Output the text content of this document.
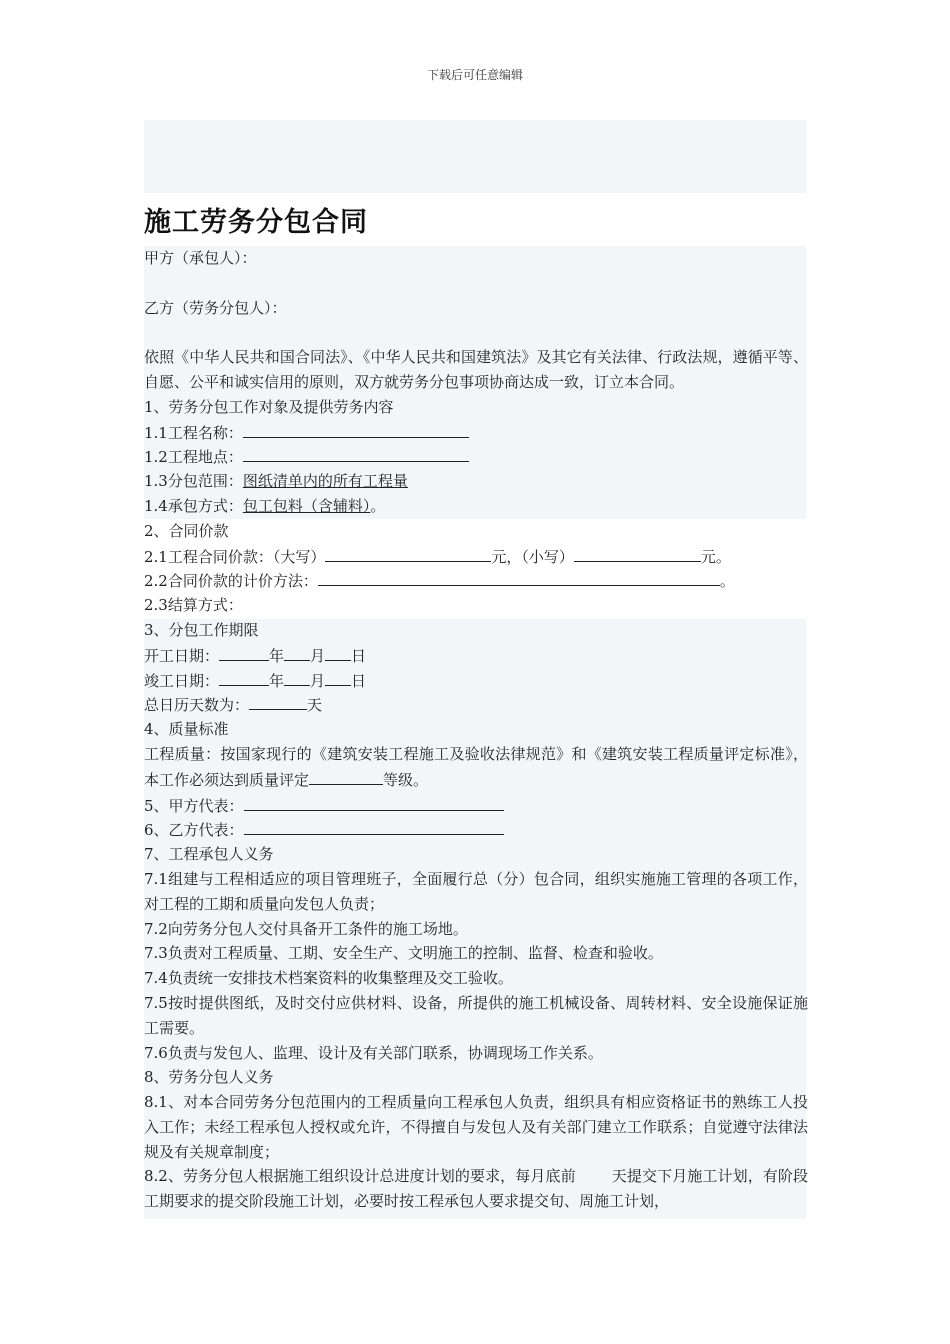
下载后可任意编辑
施工劳务分包合同
甲方（承包人）：
乙方（劳务分包人）：
依照《中华人民共和国合同法》、《中华人民共和国建筑法》及其它有关法律、行政法规，遵循平等、自愿、公平和诚实信用的原则，双方就劳务分包事项协商达成一致，订立本合同。
1、劳务分包工作对象及提供劳务内容
1.1工程名称：
1.2工程地点：
1.3分包范围：图纸清单内的所有工程量
1.4承包方式：包工包料（含辅料）。
2、合同价款
2.1工程合同价款：（大写）	元，（小写）	元。
2.2合同价款的计价方法：	。
2.3结算方式：
3、分包工作期限
开工日期：	年 月 日
竣工日期：	年 月 日
总日历天数为：	天
4、质量标准
工程质量：按国家现行的《建筑安装工程施工及验收法律规范》和《建筑安装工程质量评定标准》，本工作必须达到质量评定	等级。
5、甲方代表：
6、乙方代表：
7、工程承包人义务
7.1组建与工程相适应的项目管理班子，全面履行总（分）包合同，组织实施施工管理的各项工作，对工程的工期和质量向发包人负责；
7.2向劳务分包人交付具备开工条件的施工场地。
7.3负责对工程质量、工期、安全生产、文明施工的控制、监督、检查和验收。
7.4负责统一安排技术档案资料的收集整理及交工验收。
7.5按时提供图纸，及时交付应供材料、设备，所提供的施工机械设备、周转材料、安全设施保证施工需要。
7.6负责与发包人、监理、设计及有关部门联系，协调现场工作关系。
8、劳务分包人义务
8.1、对本合同劳务分包范围内的工程质量向工程承包人负责，组织具有相应资格证书的熟练工人投入工作；未经工程承包人授权或允许，不得擅自与发包人及有关部门建立工作联系；自觉遵守法律法规及有关规章制度；
8.2、劳务分包人根据施工组织设计总进度计划的要求，每月底前 天提交下月施工计划，有阶段工期要求的提交阶段施工计划，必要时按工程承包人要求提交旬、周施工计划，
